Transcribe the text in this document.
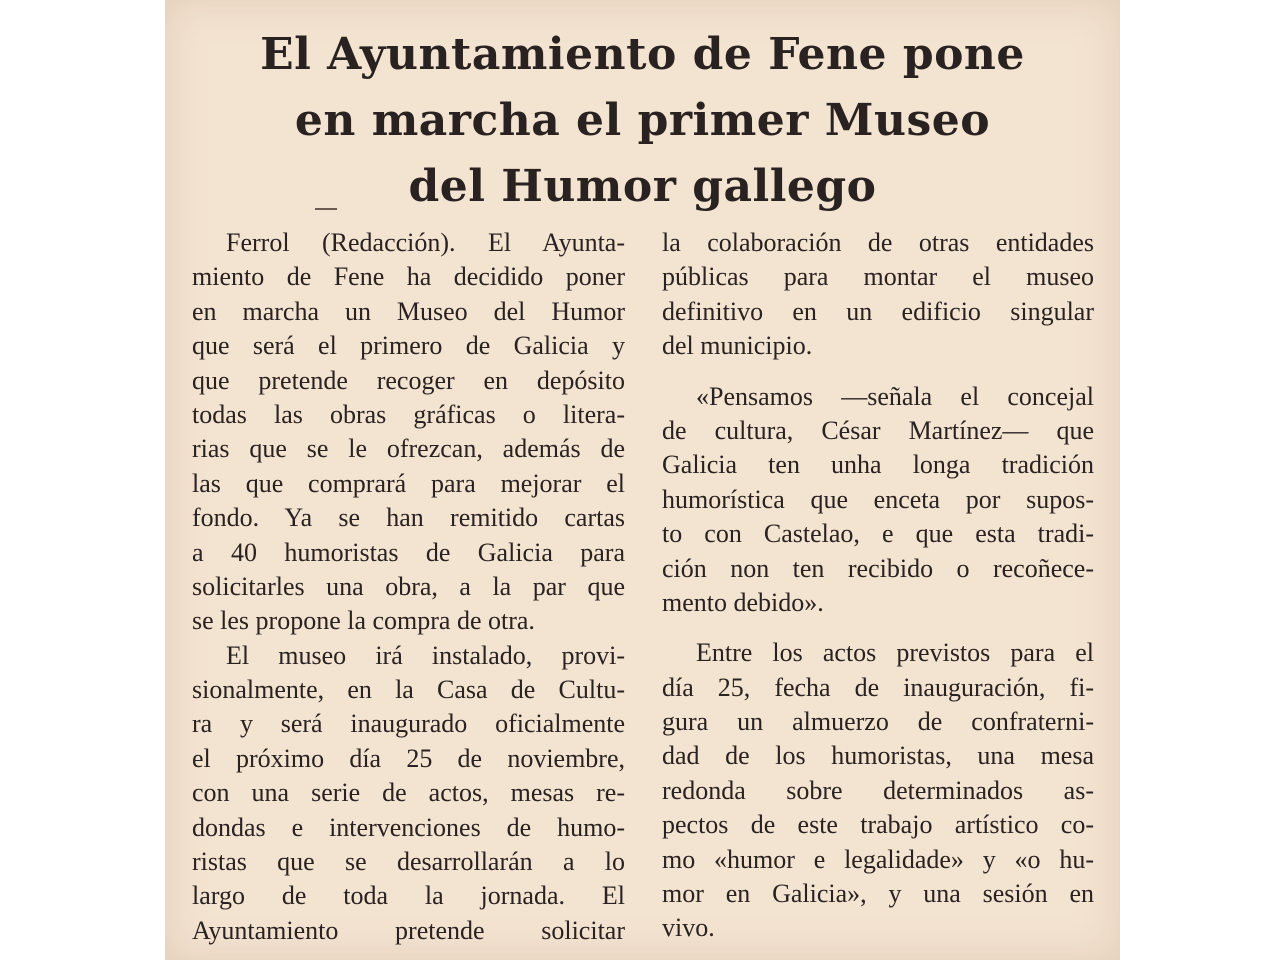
El Ayuntamiento de Fene pone
en marcha el primer Museo
del Humor gallego
Ferrol (Redacción). El Ayunta-
miento de Fene ha decidido poner
en marcha un Museo del Humor
que será el primero de Galicia y
que pretende recoger en depósito
todas las obras gráficas o litera-
rias que se le ofrezcan, además de
las que comprará para mejorar el
fondo. Ya se han remitido cartas
a 40 humoristas de Galicia para
solicitarles una obra, a la par que
se les propone la compra de otra.
El museo irá instalado, provi-
sionalmente, en la Casa de Cultu-
ra y será inaugurado oficialmente
el próximo día 25 de noviembre,
con una serie de actos, mesas re-
dondas e intervenciones de humo-
ristas que se desarrollarán a lo
largo de toda la jornada. El
Ayuntamiento pretende solicitar
la colaboración de otras entidades
públicas para montar el museo
definitivo en un edificio singular
del municipio.
«Pensamos —señala el concejal
de cultura, César Martínez— que
Galicia ten unha longa tradición
humorística que enceta por supos-
to con Castelao, e que esta tradi-
ción non ten recibido o recoñece-
mento debido».
Entre los actos previstos para el
día 25, fecha de inauguración, fi-
gura un almuerzo de confraterni-
dad de los humoristas, una mesa
redonda sobre determinados as-
pectos de este trabajo artístico co-
mo «humor e legalidade» y «o hu-
mor en Galicia», y una sesión en
vivo.
